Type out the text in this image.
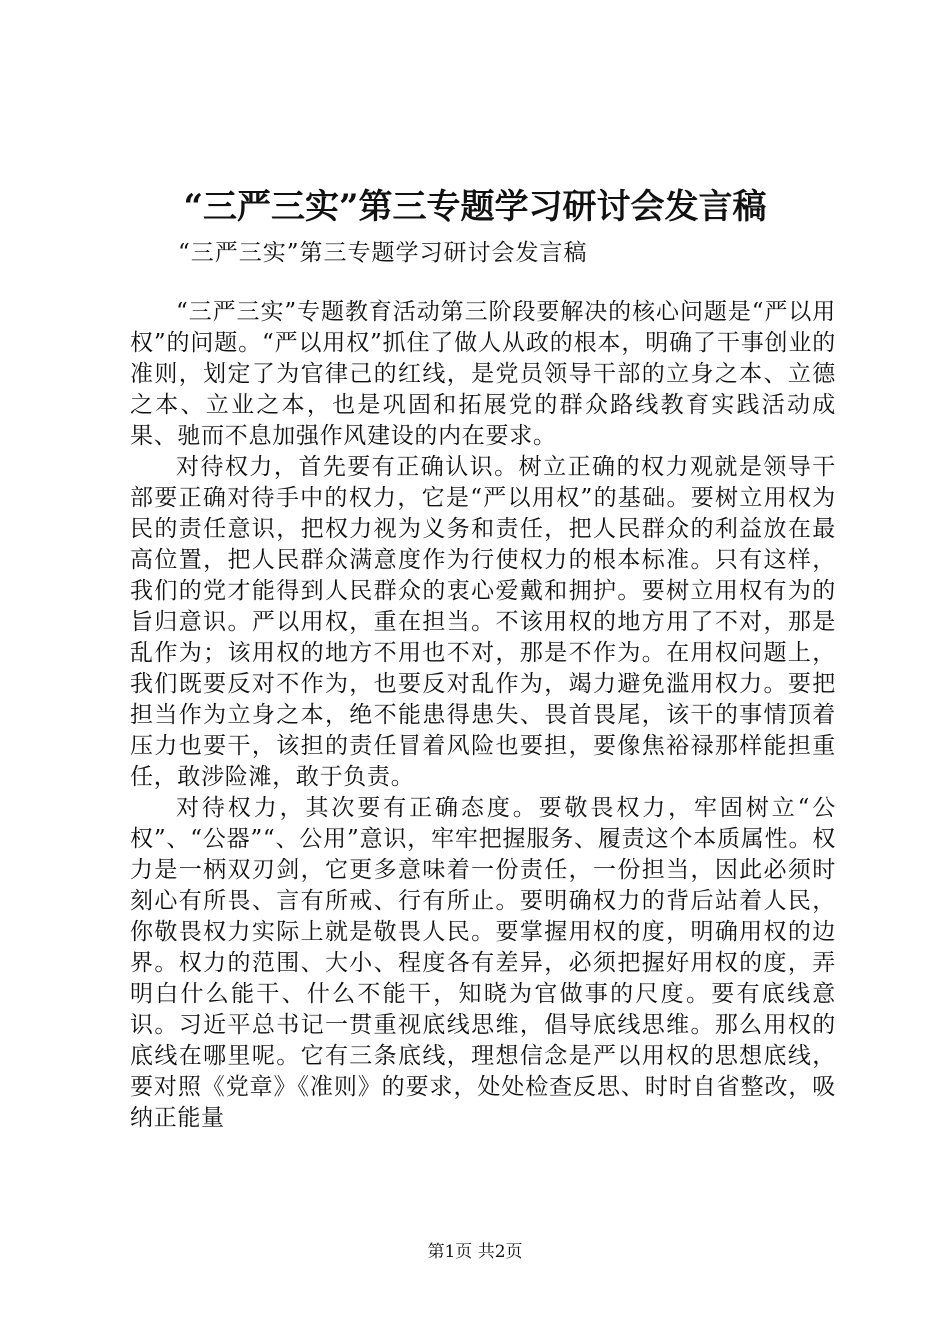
“三严三实”第三专题学习研讨会发言稿

“三严三实”第三专题学习研讨会发言稿

“三严三实”专题教育活动第三阶段要解决的核心问题是“严以用权”的问题。“严以用权”抓住了做人从政的根本，明确了干事创业的准则，划定了为官律己的红线，是党员领导干部的立身之本、立德之本、立业之本，也是巩固和拓展党的群众路线教育实践活动成果、驰而不息加强作风建设的内在要求。

对待权力，首先要有正确认识。树立正确的权力观就是领导干部要正确对待手中的权力，它是“严以用权”的基础。要树立用权为民的责任意识，把权力视为义务和责任，把人民群众的利益放在最高位置，把人民群众满意度作为行使权力的根本标准。只有这样，我们的党才能得到人民群众的衷心爱戴和拥护。要树立用权有为的旨归意识。严以用权，重在担当。不该用权的地方用了不对，那是乱作为；该用权的地方不用也不对，那是不作为。在用权问题上，我们既要反对不作为，也要反对乱作为，竭力避免滥用权力。要把担当作为立身之本，绝不能患得患失、畏首畏尾，该干的事情顶着压力也要干，该担的责任冒着风险也要担，要像焦裕禄那样能担重任，敢涉险滩，敢于负责。

对待权力，其次要有正确态度。要敬畏权力，牢固树立“公权”、“公器”“、公用”意识，牢牢把握服务、履责这个本质属性。权力是一柄双刃剑，它更多意味着一份责任，一份担当，因此必须时刻心有所畏、言有所戒、行有所止。要明确权力的背后站着人民，你敬畏权力实际上就是敬畏人民。要掌握用权的度，明确用权的边界。权力的范围、大小、程度各有差异，必须把握好用权的度，弄明白什么能干、什么不能干，知晓为官做事的尺度。要有底线意识。习近平总书记一贯重视底线思维，倡导底线思维。那么用权的底线在哪里呢。它有三条底线，理想信念是严以用权的思想底线，要对照《党章》《准则》的要求，处处检查反思、时时自省整改，吸纳正能量

第1页 共2页
